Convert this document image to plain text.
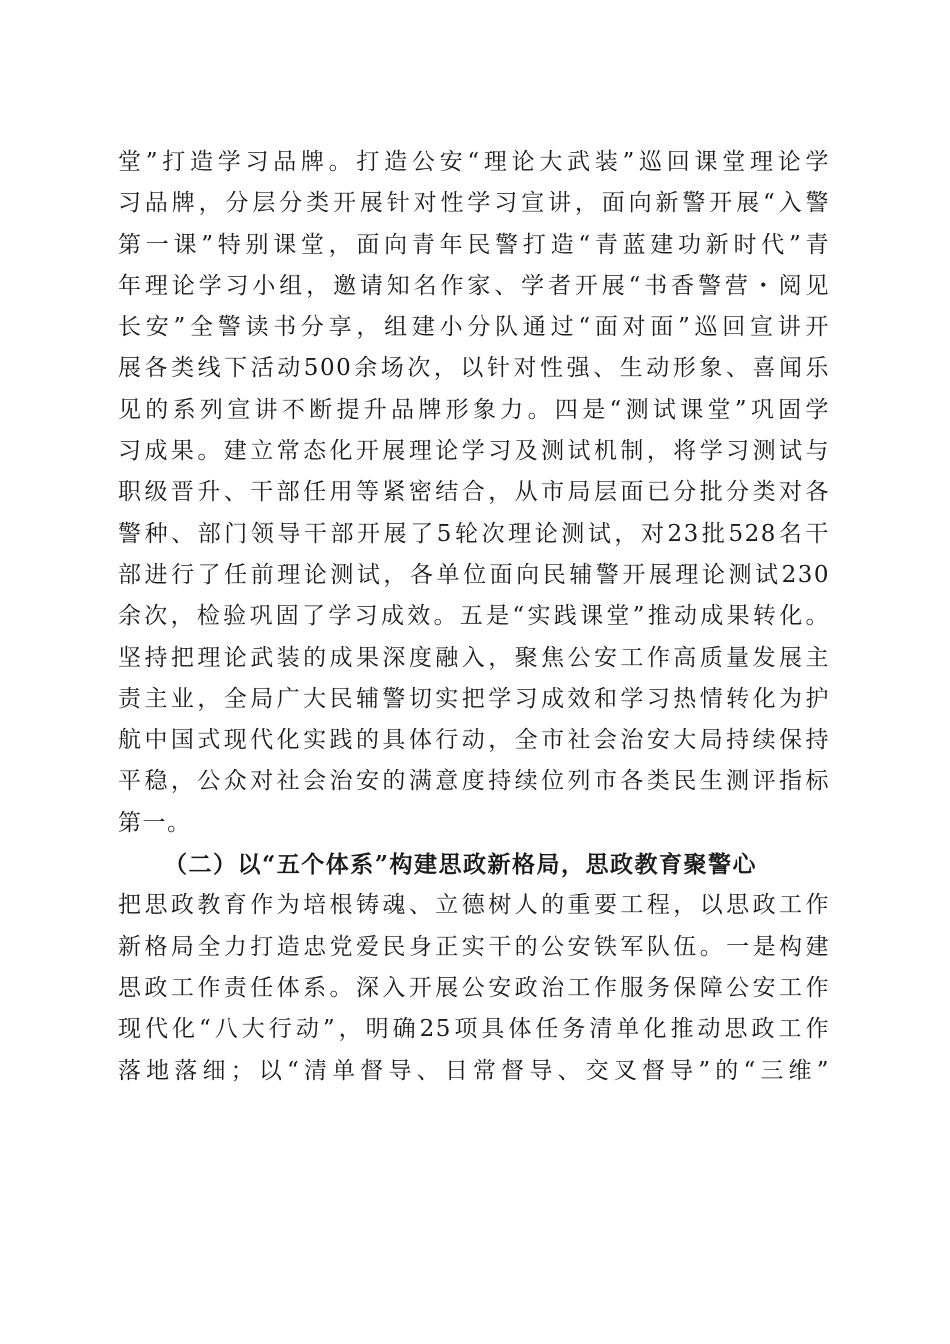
堂”打造学习品牌。打造公安“理论大武装”巡回课堂理论学
习品牌，分层分类开展针对性学习宣讲，面向新警开展“入警
第一课”特别课堂，面向青年民警打造“青蓝建功新时代”青
年理论学习小组，邀请知名作家、学者开展“书香警营・阅见
长安”全警读书分享，组建小分队通过“面对面”巡回宣讲开
展各类线下活动500余场次，以针对性强、生动形象、喜闻乐
见的系列宣讲不断提升品牌形象力。四是“测试课堂”巩固学
习成果。建立常态化开展理论学习及测试机制，将学习测试与
职级晋升、干部任用等紧密结合，从市局层面已分批分类对各
警种、部门领导干部开展了5轮次理论测试，对23批528名干
部进行了任前理论测试，各单位面向民辅警开展理论测试230
余次，检验巩固了学习成效。五是“实践课堂”推动成果转化。
坚持把理论武装的成果深度融入，聚焦公安工作高质量发展主
责主业，全局广大民辅警切实把学习成效和学习热情转化为护
航中国式现代化实践的具体行动，全市社会治安大局持续保持
平稳，公众对社会治安的满意度持续位列市各类民生测评指标
第一。
（二）以“五个体系”构建思政新格局，思政教育聚警心
把思政教育作为培根铸魂、立德树人的重要工程，以思政工作
新格局全力打造忠党爱民身正实干的公安铁军队伍。一是构建
思政工作责任体系。深入开展公安政治工作服务保障公安工作
现代化“八大行动”，明确25项具体任务清单化推动思政工作
落地落细；以“清单督导、日常督导、交叉督导”的“三维”
